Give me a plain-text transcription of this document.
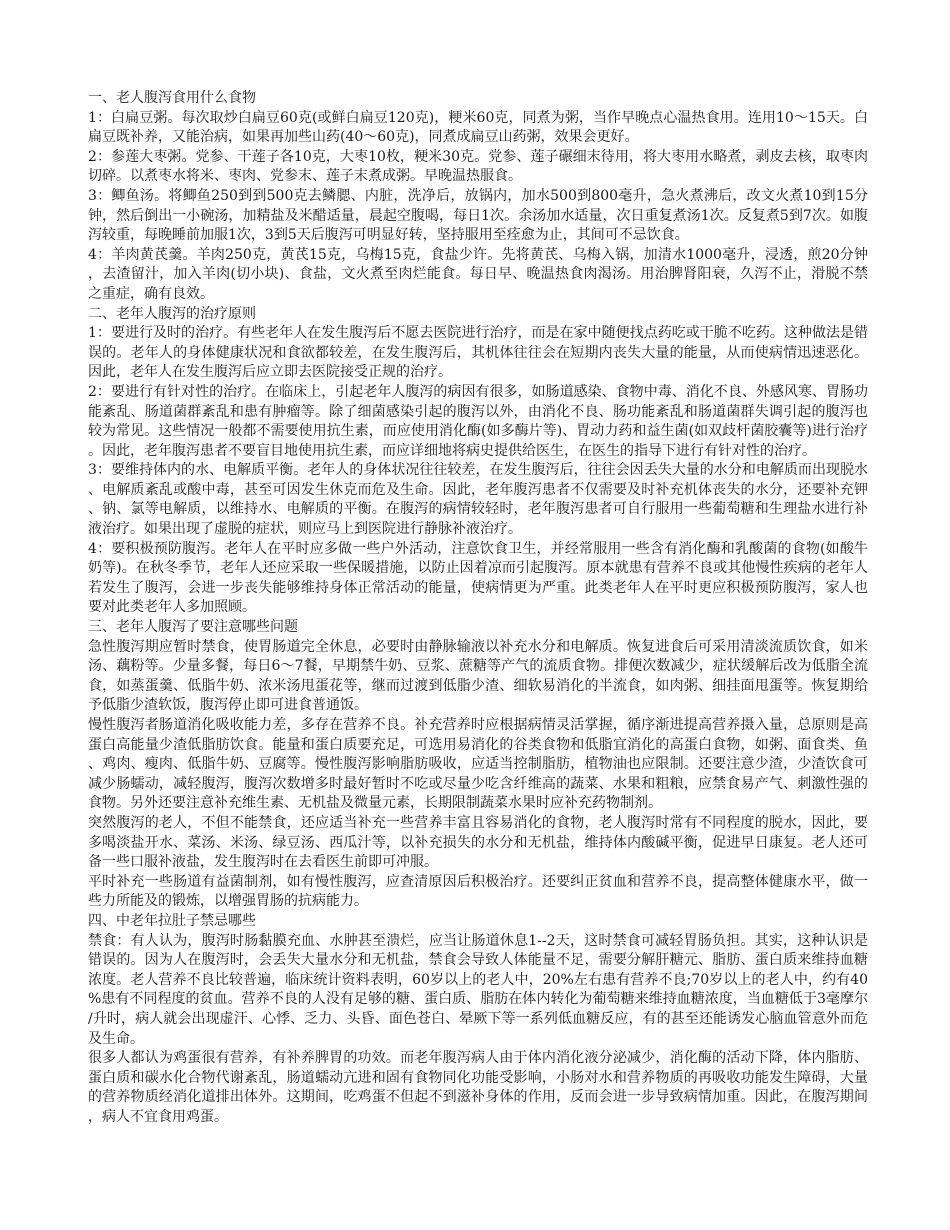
一、老人腹泻食用什么食物

1：白扁豆粥。每次取炒白扁豆60克(或鲜白扁豆120克)，粳米60克，同煮为粥，当作早晚点心温热食用。连用10～15天。白扁豆既补养，又能治病，如果再加些山药(40～60克)，同煮成扁豆山药粥，效果会更好。

2：参莲大枣粥。党参、干莲子各10克，大枣10枚，粳米30克。党参、莲子碾细末待用，将大枣用水略煮，剥皮去核，取枣肉切碎。以煮枣水将米、枣肉、党参末、莲子末煮成粥。早晚温热服食。

3：鲫鱼汤。将鲫鱼250到到500克去鳞腮、内脏，洗净后，放锅内，加水500到800毫升，急火煮沸后，改文火煮10到15分钟，然后倒出一小碗汤，加精盐及米醋适量，晨起空腹喝，每日1次。余汤加水适量，次日重复煮汤1次。反复煮5到7次。如腹泻较重，每晚睡前加服1次，3到5天后腹泻可明显好转，坚持服用至痊愈为止，其间可不忌饮食。

4：羊肉黄芪羹。羊肉250克，黄芪15克，乌梅15克，食盐少许。先将黄芪、乌梅入锅，加清水1000毫升，浸透，煎20分钟，去渣留汁，加入羊肉(切小块)、食盐，文火煮至肉烂能食。每日早、晚温热食肉渴汤。用治脾肾阳衰，久泻不止，滑脱不禁之重症，确有良效。

二、老年人腹泻的治疗原则

1：要进行及时的治疗。有些老年人在发生腹泻后不愿去医院进行治疗，而是在家中随便找点药吃或干脆不吃药。这种做法是错误的。老年人的身体健康状况和食欲都较差，在发生腹泻后，其机体往往会在短期内丧失大量的能量，从而使病情迅速恶化。因此，老年人在发生腹泻后应立即去医院接受正规的治疗。

2：要进行有针对性的治疗。在临床上，引起老年人腹泻的病因有很多，如肠道感染、食物中毒、消化不良、外感风寒、胃肠功能紊乱、肠道菌群紊乱和患有肿瘤等。除了细菌感染引起的腹泻以外，由消化不良、肠功能紊乱和肠道菌群失调引起的腹泻也较为常见。这些情况一般都不需要使用抗生素，而应使用消化酶(如多酶片等)、胃动力药和益生菌(如双歧杆菌胶囊等)进行治疗。因此，老年腹泻患者不要盲目地使用抗生素，而应详细地将病史提供给医生，在医生的指导下进行有针对性的治疗。

3：要维持体内的水、电解质平衡。老年人的身体状况往往较差，在发生腹泻后，往往会因丢失大量的水分和电解质而出现脱水、电解质紊乱或酸中毒，甚至可因发生休克而危及生命。因此，老年腹泻患者不仅需要及时补充机体丧失的水分，还要补充钾、钠、氯等电解质，以维持水、电解质的平衡。在腹泻的病情较轻时，老年腹泻患者可自行服用一些葡萄糖和生理盐水进行补液治疗。如果出现了虚脱的症状，则应马上到医院进行静脉补液治疗。

4：要积极预防腹泻。老年人在平时应多做一些户外活动，注意饮食卫生，并经常服用一些含有消化酶和乳酸菌的食物(如酸牛奶等)。在秋冬季节，老年人还应采取一些保暖措施，以防止因着凉而引起腹泻。原本就患有营养不良或其他慢性疾病的老年人若发生了腹泻，会进一步丧失能够维持身体正常活动的能量，使病情更为严重。此类老年人在平时更应积极预防腹泻，家人也要对此类老年人多加照顾。

三、老年人腹泻了要注意哪些问题

急性腹泻期应暂时禁食，使胃肠道完全休息，必要时由静脉输液以补充水分和电解质。恢复进食后可采用清淡流质饮食，如米汤、藕粉等。少量多餐，每日6～7餐，早期禁牛奶、豆浆、蔗糖等产气的流质食物。排便次数减少，症状缓解后改为低脂全流食，如蒸蛋羹、低脂牛奶、浓米汤甩蛋花等，继而过渡到低脂少渣、细软易消化的半流食，如肉粥、细挂面甩蛋等。恢复期给予低脂少渣软饭，腹泻停止即可进食普通饭。

慢性腹泻者肠道消化吸收能力差，多存在营养不良。补充营养时应根据病情灵活掌握，循序渐进提高营养摄入量，总原则是高蛋白高能量少渣低脂肪饮食。能量和蛋白质要充足，可选用易消化的谷类食物和低脂宜消化的高蛋白食物，如粥、面食类、鱼、鸡肉、瘦肉、低脂牛奶、豆腐等。慢性腹泻影响脂肪吸收，应适当控制脂肪，植物油也应限制。还要注意少渣，少渣饮食可减少肠蠕动，减轻腹泻，腹泻次数增多时最好暂时不吃或尽量少吃含纤维高的蔬菜、水果和粗粮，应禁食易产气、刺激性强的食物。另外还要注意补充维生素、无机盐及微量元素，长期限制蔬菜水果时应补充药物制剂。

突然腹泻的老人，不但不能禁食，还应适当补充一些营养丰富且容易消化的食物，老人腹泻时常有不同程度的脱水，因此，要多喝淡盐开水、菜汤、米汤、绿豆汤、西瓜汁等，以补充损失的水分和无机盐，维持体内酸碱平衡，促进早日康复。老人还可备一些口服补液盐，发生腹泻时在去看医生前即可冲服。

平时补充一些肠道有益菌制剂，如有慢性腹泻，应查清原因后积极治疗。还要纠正贫血和营养不良，提高整体健康水平，做一些力所能及的锻炼，以增强胃肠的抗病能力。

四、中老年拉肚子禁忌哪些

禁食：有人认为，腹泻时肠黏膜充血、水肿甚至溃烂，应当让肠道休息1--2天，这时禁食可减轻胃肠负担。其实，这种认识是错误的。因为人在腹泻时，会丢失大量水分和无机盐，禁食会导致人体能量不足，需要分解肝糖元、脂肪、蛋白质来维持血糖浓度。老人营养不良比较普遍，临床统计资料表明，60岁以上的老人中，20%左右患有营养不良;70岁以上的老人中，约有40%患有不同程度的贫血。营养不良的人没有足够的糖、蛋白质、脂肪在体内转化为葡萄糖来维持血糖浓度，当血糖低于3毫摩尔/升时，病人就会出现虚汗、心悸、乏力、头昏、面色苍白、晕厥下等一系列低血糖反应，有的甚至还能诱发心脑血管意外而危及生命。

很多人都认为鸡蛋很有营养，有补养脾胃的功效。而老年腹泻病人由于体内消化液分泌减少，消化酶的活动下降，体内脂肪、蛋白质和碳水化合物代谢紊乱，肠道蠕动亢进和固有食物同化功能受影响，小肠对水和营养物质的再吸收功能发生障碍，大量的营养物质经消化道排出体外。这期间，吃鸡蛋不但起不到滋补身体的作用，反而会进一步导致病情加重。因此，在腹泻期间，病人不宜食用鸡蛋。
